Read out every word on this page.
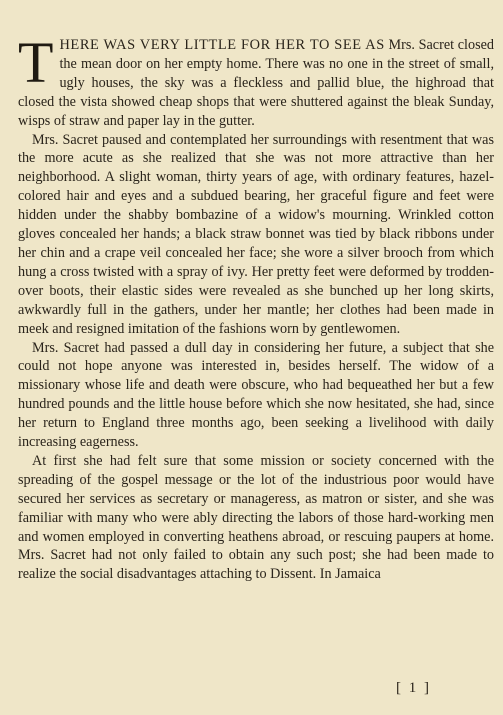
THERE WAS VERY LITTLE FOR HER TO SEE AS Mrs. Sacret closed the mean door on her empty home. There was no one in the street of small, ugly houses, the sky was a fleckless and pallid blue, the highroad that closed the vista showed cheap shops that were shuttered against the bleak Sunday, wisps of straw and paper lay in the gutter.

Mrs. Sacret paused and contemplated her surroundings with resentment that was the more acute as she realized that she was not more attractive than her neighborhood. A slight woman, thirty years of age, with ordinary features, hazel-colored hair and eyes and a subdued bearing, her graceful figure and feet were hidden under the shabby bombazine of a widow's mourning. Wrinkled cotton gloves concealed her hands; a black straw bonnet was tied by black ribbons under her chin and a crape veil concealed her face; she wore a silver brooch from which hung a cross twisted with a spray of ivy. Her pretty feet were deformed by trodden-over boots, their elastic sides were revealed as she bunched up her long skirts, awkwardly full in the gathers, under her mantle; her clothes had been made in meek and resigned imitation of the fashions worn by gentlewomen.

Mrs. Sacret had passed a dull day in considering her future, a subject that she could not hope anyone was interested in, besides herself. The widow of a missionary whose life and death were obscure, who had bequeathed her but a few hundred pounds and the little house before which she now hesitated, she had, since her return to England three months ago, been seeking a livelihood with daily increasing eagerness.

At first she had felt sure that some mission or society concerned with the spreading of the gospel message or the lot of the industrious poor would have secured her services as secretary or manageress, as matron or sister, and she was familiar with many who were ably directing the labors of those hard-working men and women employed in converting heathens abroad, or rescuing paupers at home. Mrs. Sacret had not only failed to obtain any such post; she had been made to realize the social disadvantages attaching to Dissent. In Jamaica

[ 1 ]
